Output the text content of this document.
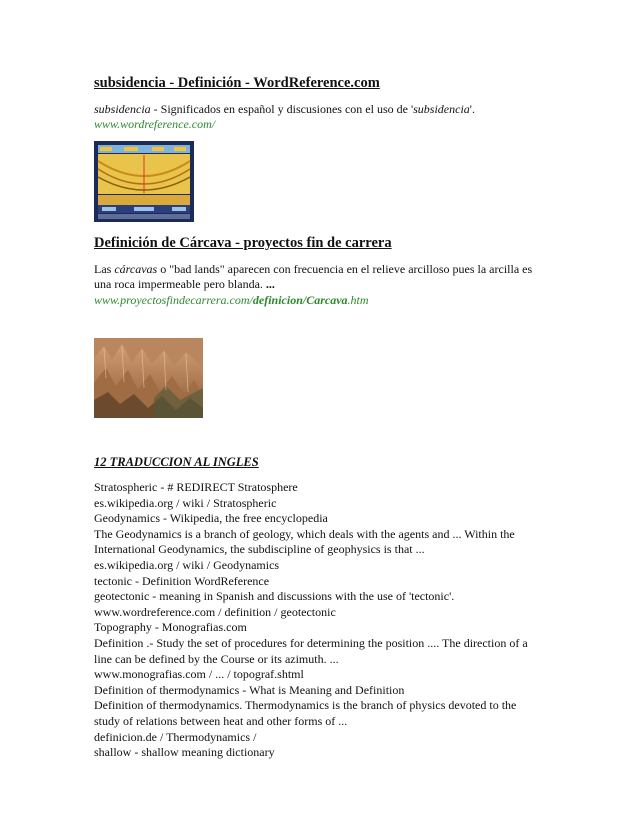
subsidencia - Definición - WordReference.com
subsidencia - Significados en español y discusiones con el uso de 'subsidencia'.
www.wordreference.com/
Definición de Cárcava - proyectos fin de carrera
Las cárcavas o "bad lands" aparecen con frecuencia en el relieve arcilloso pues la arcilla es una roca impermeable pero blanda. ...
www.proyectosfindecarrera.com/definicion/Carcava.htm
12 TRADUCCION AL INGLES
Stratospheric - # REDIRECT Stratosphere
es.wikipedia.org / wiki / Stratospheric
Geodynamics - Wikipedia, the free encyclopedia
The Geodynamics is a branch of geology, which deals with the agents and ... Within the International Geodynamics, the subdiscipline of geophysics is that ...
es.wikipedia.org / wiki / Geodynamics
tectonic - Definition WordReference
geotectonic - meaning in Spanish and discussions with the use of 'tectonic'.
www.wordreference.com / definition / geotectonic
Topography - Monografias.com
Definition .- Study the set of procedures for determining the position .... The direction of a line can be defined by the Course or its azimuth. ...
www.monografias.com / ... / topograf.shtml
Definition of thermodynamics - What is Meaning and Definition
Definition of thermodynamics. Thermodynamics is the branch of physics devoted to the study of relations between heat and other forms of ...
definicion.de / Thermodynamics /
shallow - shallow meaning dictionary
